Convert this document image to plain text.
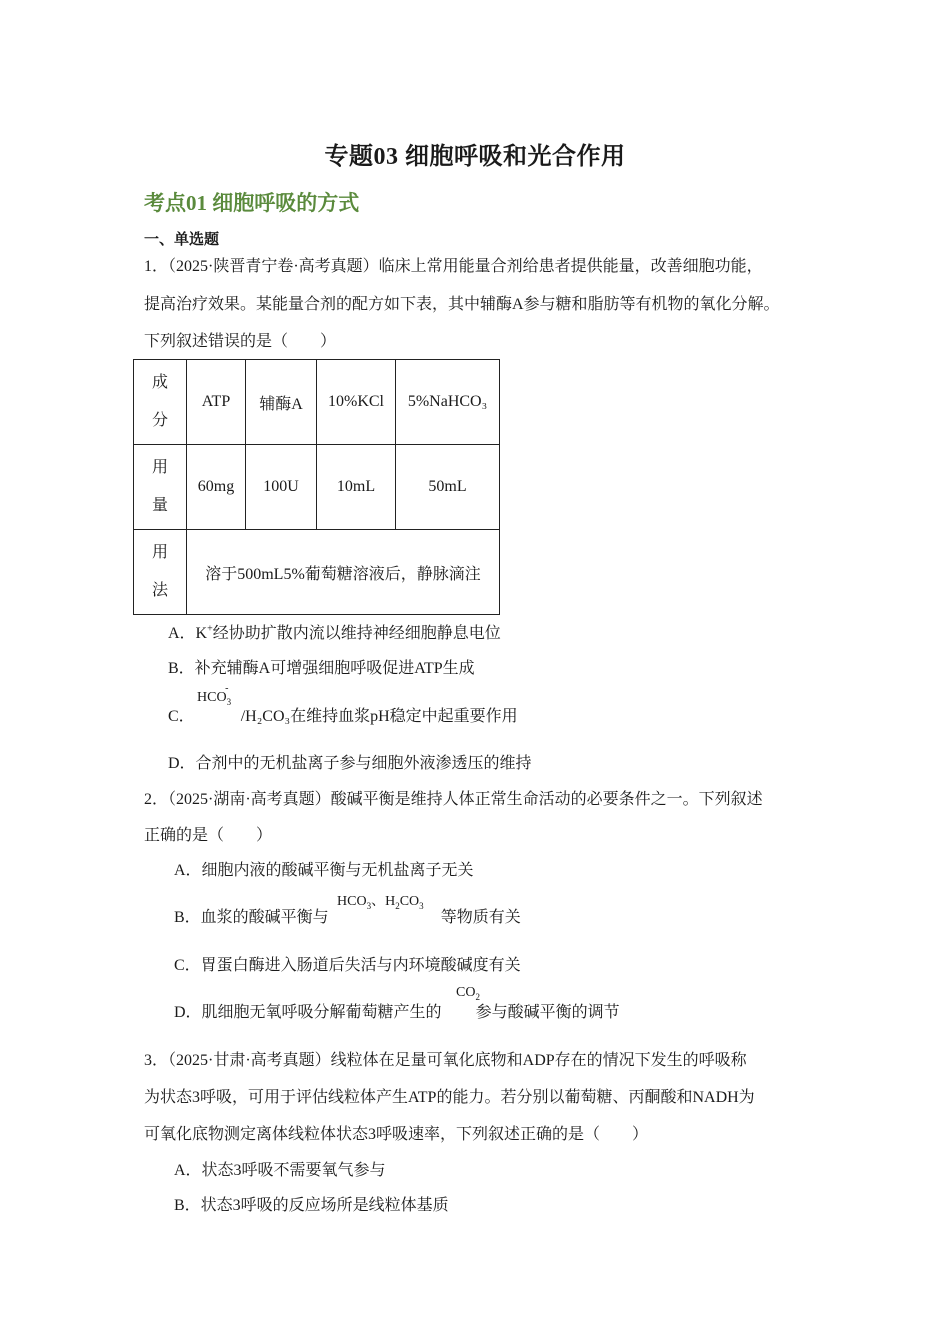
专题03 细胞呼吸和光合作用
考点01 细胞呼吸的方式
一、单选题
1．（2025·陕晋青宁卷·高考真题）临床上常用能量合剂给患者提供能量，改善细胞功能，
提高治疗效果。某能量合剂的配方如下表，其中辅酶A参与糖和脂肪等有机物的氧化分解。
下列叙述错误的是（　　）
成
分	ATP	辅酶A	10%KCl	5%NaHCO₃
用
量	60mg	100U	10mL	50mL
用
法	溶于500mL5%葡萄糖溶液后，静脉滴注			
A．K+经协助扩散内流以维持神经细胞静息电位
B．补充辅酶A可增强细胞呼吸促进ATP生成
C．	/H₂CO₃在维持血浆pH稳定中起重要作用
$HCO_3^-$
D．合剂中的无机盐离子参与细胞外液渗透压的维持
2．（2025·湖南·高考真题）酸碱平衡是维持人体正常生命活动的必要条件之一。下列叙述
正确的是（　　）
A．细胞内液的酸碱平衡与无机盐离子无关
B．血浆的酸碱平衡与	等物质有关
$HCO_3$、$H_2CO_3$
C．胃蛋白酶进入肠道后失活与内环境酸碱度有关
D．肌细胞无氧呼吸分解葡萄糖产生的 参与酸碱平衡的调节
$CO_2$
3．（2025·甘肃·高考真题）线粒体在足量可氧化底物和ADP存在的情况下发生的呼吸称
为状态3呼吸，可用于评估线粒体产生ATP的能力。若分别以葡萄糖、丙酮酸和NADH为
可氧化底物测定离体线粒体状态3呼吸速率，下列叙述正确的是（　　）
A．状态3呼吸不需要氧气参与
B．状态3呼吸的反应场所是线粒体基质
